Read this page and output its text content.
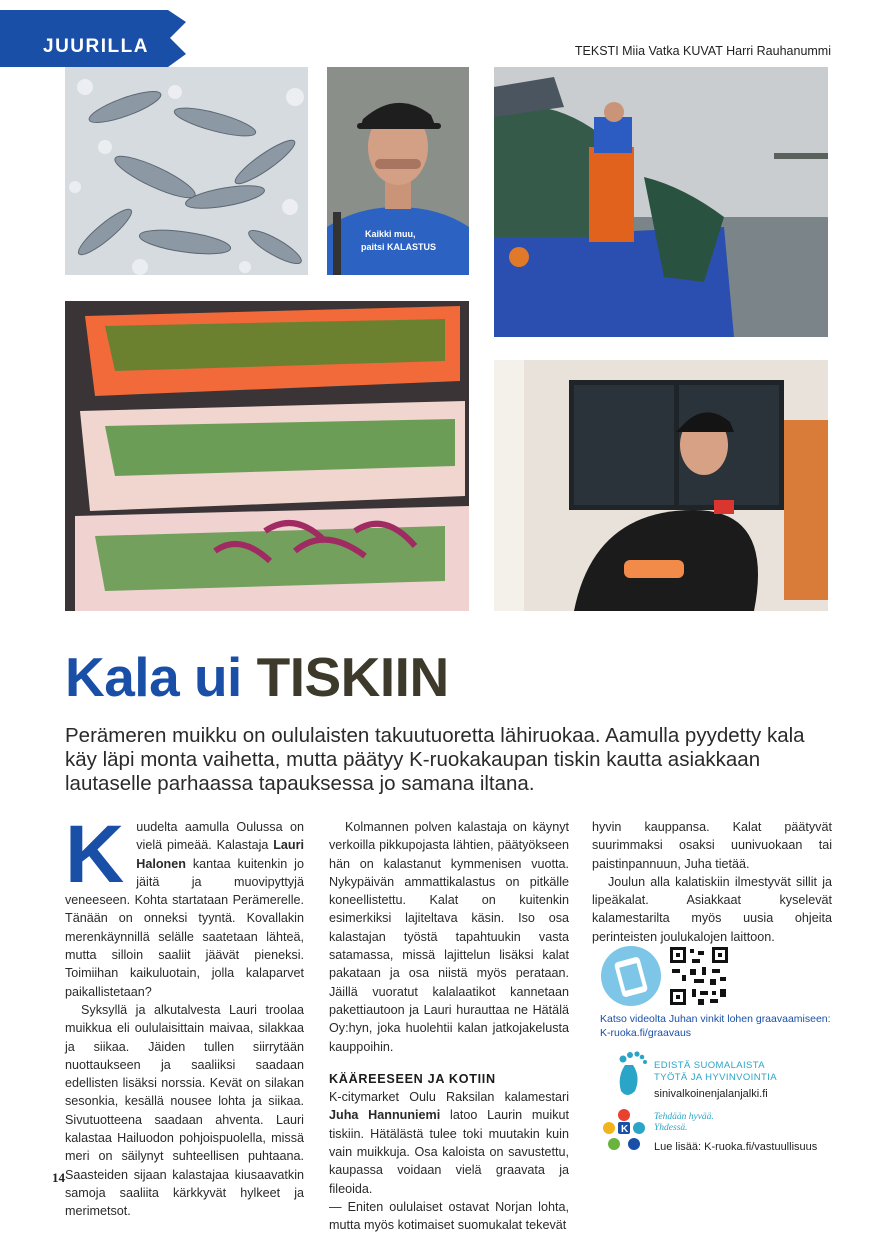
JUURILLA	TEKSTI Miia Vatka KUVAT Harri Rauhanummi
Kaikki muu,
paitsi KALASTUS
Kala ui TISKIIN
Perämeren muikku on oululaisten takuutuoretta lähiruokaa. Aamulla pyydetty kala käy läpi monta vaihetta, mutta päätyy K-ruokakaupan tiskin kautta asiakkaan lautaselle parhaassa tapauksessa jo samana iltana.

Kuudelta aamulla Oulussa on vielä pimeää. Kalastaja Lauri Halonen kantaa kuitenkin jo jäitä ja muovipyttyjä veneeseen. Kohta startataan Perämerelle. Tänään on onneksi tyyntä. Kovallakin merenkäynnillä selälle saatetaan lähteä, mutta silloin saaliit jäävät pieneksi. Toimiihan kaikuluotain, jolla kalaparvet paikallistetaan?

Syksyllä ja alkutalvesta Lauri troolaa muikkua eli oululaisittain maivaa, silakkaa ja siikaa. Jäiden tullen siirrytään nuottaukseen ja saaliiksi saadaan edellisten lisäksi norssia. Kevät on silakan sesonkia, kesällä nousee lohta ja siikaa. Sivutuotteena saadaan ahventa. Lauri kalastaa Hailuodon pohjoispuolella, missä meri on säilynyt suhteellisen puhtaana. Saasteiden sijaan kalastajaa kiusaavatkin samoja saaliita kärkkyvät hylkeet ja merimetsot.

Kolmannen polven kalastaja on käynyt verkoilla pikkupojasta lähtien, päätyökseen hän on kalastanut kymmenisen vuotta. Nykypäivän ammattikalastus on pitkälle koneellistettu. Kalat on kuitenkin esimerkiksi lajiteltava käsin. Iso osa kalastajan työstä tapahtuukin vasta satamassa, missä lajittelun lisäksi kalat pakataan ja osa niistä myös perataan. Jäillä vuoratut kalalaatikot kannetaan pakettiautoon ja Lauri hurauttaa ne Hätälä Oy:hyn, joka huolehtii kalan jatkojakelusta kauppoihin.

KÄÄREESEEN JA KOTIIN

K-citymarket Oulu Raksilan kalamestari Juha Hannuniemi latoo Laurin muikut tiskiin. Hätälästä tulee toki muutakin kuin vain muikkuja. Osa kaloista on savustettu, kaupassa voidaan vielä graavata ja fileoida.

— Eniten oululaiset ostavat Norjan lohta, mutta myös kotimaiset suomukalat tekevät

hyvin kauppansa. Kalat päätyvät suurimmaksi osaksi uunivuokaan tai paistinpannuun, Juha tietää.

Joulun alla kalatiskiin ilmestyvät sillit ja lipeäkalat. Asiakkaat kyselevät kalamestarilta myös uusia ohjeita perinteisten joulukalojen laittoon.

Katso videolta Juhan vinkit lohen graavaamiseen: K-ruoka.fi/graavaus
EDISTÄ SUOMALAISTA
TYÖTÄ JA HYVINVOINTIA
sinivalkoinenjalanjalki.fi
K
Tehdään hyvää.
Yhdessä.
Lue lisää: K-ruoka.fi/vastuullisuus
14
